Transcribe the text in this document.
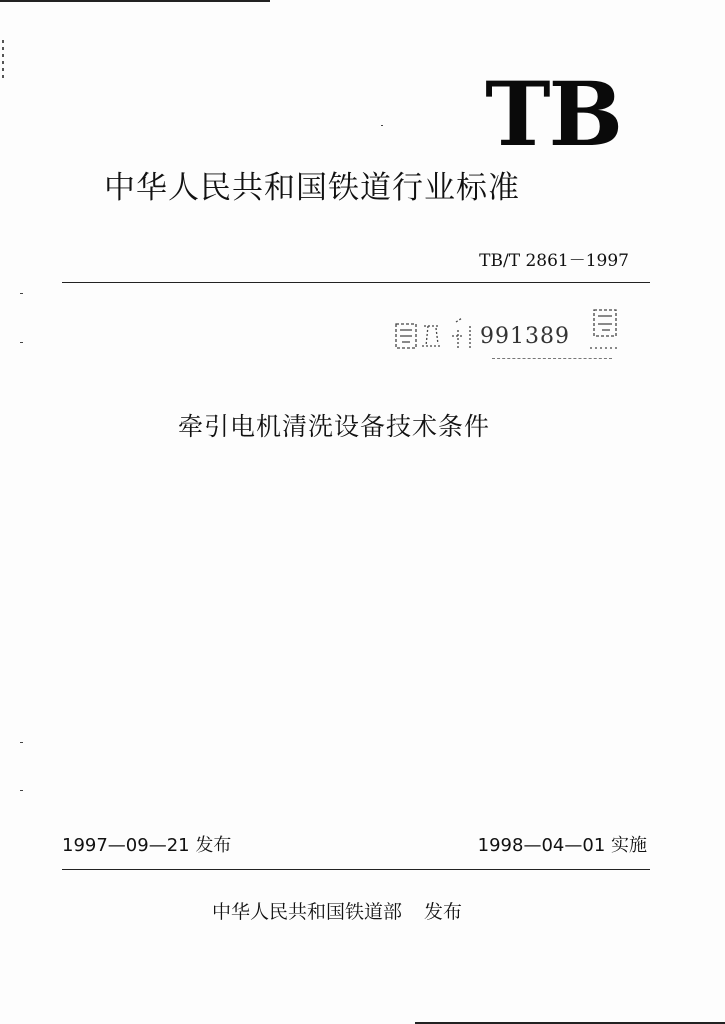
TB
中华人民共和国铁道行业标准
TB/T 2861－1997
991389
牵引电机清洗设备技术条件
1997—09—21 发布	1998—04—01 实施
中华人民共和国铁道部 发布
